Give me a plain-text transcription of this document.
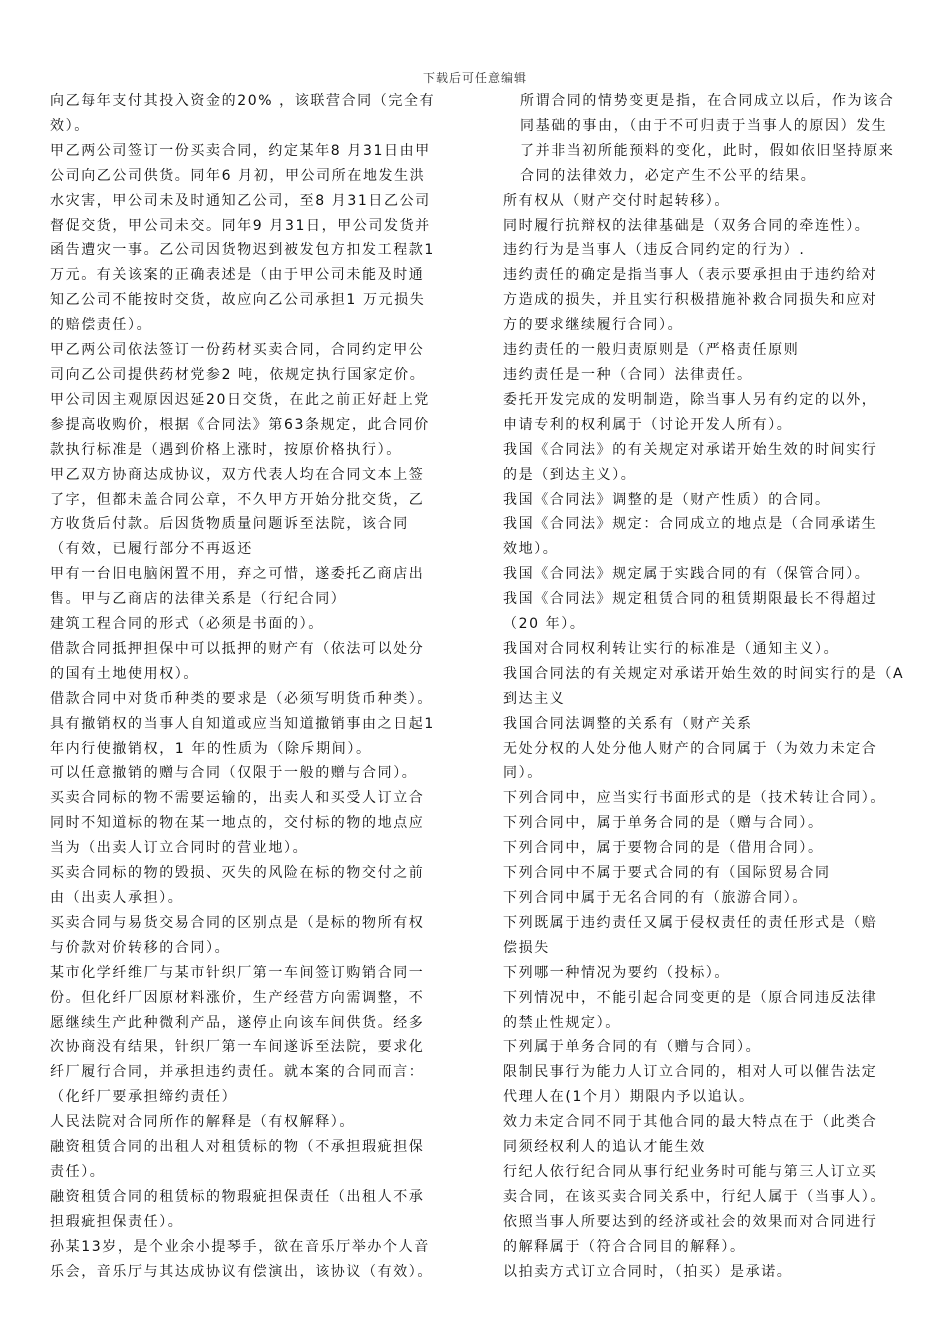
下载后可任意编辑

向乙每年支付其投入资金的20% ，该联营合同（完全有

效）。

甲乙两公司签订一份买卖合同，约定某年8 月31日由甲

公司向乙公司供货。同年6 月初，甲公司所在地发生洪

水灾害，甲公司未及时通知乙公司，至8 月31日乙公司

督促交货，甲公司未交。同年9 月31日，甲公司发货并

函告遭灾一事。乙公司因货物迟到被发包方扣发工程款1

万元。有关该案的正确表述是（由于甲公司未能及时通

知乙公司不能按时交货，故应向乙公司承担1 万元损失

的赔偿责任）。

甲乙两公司依法签订一份药材买卖合同，合同约定甲公

司向乙公司提供药材党参2 吨，依规定执行国家定价。

甲公司因主观原因迟延20日交货，在此之前正好赶上党

参提高收购价，根据《合同法》第63条规定，此合同价

款执行标准是（遇到价格上涨时，按原价格执行）。

甲乙双方协商达成协议，双方代表人均在合同文本上签

了字，但都未盖合同公章，不久甲方开始分批交货，乙

方收货后付款。后因货物质量问题诉至法院，该合同

（有效，已履行部分不再返还

甲有一台旧电脑闲置不用，弃之可惜，遂委托乙商店出

售。甲与乙商店的法律关系是（行纪合同）

建筑工程合同的形式（必须是书面的）。

借款合同抵押担保中可以抵押的财产有（依法可以处分

的国有土地使用权）。

借款合同中对货币种类的要求是（必须写明货币种类）。

具有撤销权的当事人自知道或应当知道撤销事由之日起1

年内行使撤销权，1 年的性质为（除斥期间）。

可以任意撤销的赠与合同（仅限于一般的赠与合同）。

买卖合同标的物不需要运输的，出卖人和买受人订立合

同时不知道标的物在某一地点的，交付标的物的地点应

当为（出卖人订立合同时的营业地）。

买卖合同标的物的毁损、灭失的风险在标的物交付之前

由（出卖人承担）。

买卖合同与易货交易合同的区别点是（是标的物所有权

与价款对价转移的合同）。

某市化学纤维厂与某市针织厂第一车间签订购销合同一

份。但化纤厂因原材料涨价，生产经营方向需调整，不

愿继续生产此种微利产品，遂停止向该车间供货。经多

次协商没有结果，针织厂第一车间遂诉至法院，要求化

纤厂履行合同，并承担违约责任。就本案的合同而言：

（化纤厂要承担缔约责任）

人民法院对合同所作的解释是（有权解释）。

融资租赁合同的出租人对租赁标的物（不承担瑕疵担保

责任）。

融资租赁合同的租赁标的物瑕疵担保责任（出租人不承

担瑕疵担保责任）。

孙某13岁，是个业余小提琴手，欲在音乐厅举办个人音

乐会，音乐厅与其达成协议有偿演出，该协议（有效）。

所谓合同的情势变更是指，在合同成立以后，作为该合

同基础的事由，（由于不可归责于当事人的原因）发生

了并非当初所能预料的变化，此时，假如依旧坚持原来

合同的法律效力，必定产生不公平的结果。

所有权从（财产交付时起转移）。

同时履行抗辩权的法律基础是（双务合同的牵连性）。

违约行为是当事人（违反合同约定的行为）.

违约责任的确定是指当事人（表示要承担由于违约给对

方造成的损失，并且实行积极措施补救合同损失和应对

方的要求继续履行合同）。

违约责任的一般归责原则是（严格责任原则

违约责任是一种（合同）法律责任。

委托开发完成的发明制造，除当事人另有约定的以外，

申请专利的权利属于（讨论开发人所有）。

我国《合同法》的有关规定对承诺开始生效的时间实行

的是（到达主义）。

我国《合同法》调整的是（财产性质）的合同。

我国《合同法》规定：合同成立的地点是（合同承诺生

效地）。

我国《合同法》规定属于实践合同的有（保管合同）。

我国《合同法》规定租赁合同的租赁期限最长不得超过

（20 年）。

我国对合同权利转让实行的标准是（通知主义）。

我国合同法的有关规定对承诺开始生效的时间实行的是（A

到达主义

我国合同法调整的关系有（财产关系

无处分权的人处分他人财产的合同属于（为效力未定合

同）。

下列合同中，应当实行书面形式的是（技术转让合同）。

下列合同中，属于单务合同的是（赠与合同）。

下列合同中，属于要物合同的是（借用合同）。

下列合同中不属于要式合同的有（国际贸易合同

下列合同中属于无名合同的有（旅游合同）。

下列既属于违约责任又属于侵权责任的责任形式是（赔

偿损失

下列哪一种情况为要约（投标）。

下列情况中，不能引起合同变更的是（原合同违反法律

的禁止性规定）。

下列属于单务合同的有（赠与合同）。

限制民事行为能力人订立合同的，相对人可以催告法定

代理人在(1个月）期限内予以追认。

效力未定合同不同于其他合同的最大特点在于（此类合

同须经权利人的追认才能生效

行纪人依行纪合同从事行纪业务时可能与第三人订立买

卖合同，在该买卖合同关系中，行纪人属于（当事人）。

依照当事人所要达到的经济或社会的效果而对合同进行

的解释属于（符合合同目的解释）。

以拍卖方式订立合同时，（拍买）是承诺。
